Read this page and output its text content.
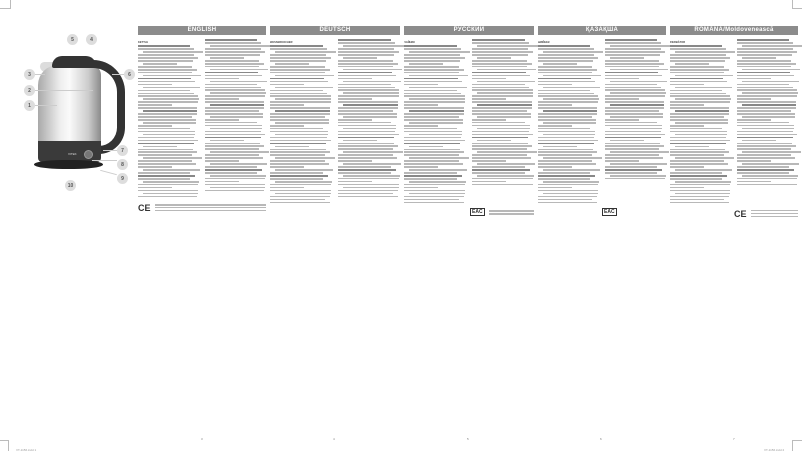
VITEK
5	4
3	6
2
1
7
8
9
10
VT-1156.indd 1
ENGLISH
KETTLE
CE
3
DEUTSCH
WASSERKOCHER
4
РУССКИЙ
ЧАЙНИК
EAC
5
ҚАЗАҚША
ШӘЙНЕК
EAC
6
ROMÂNĂ/Moldovenească
FIERBĂTOR
CE
7
VT-1156.indd 2
